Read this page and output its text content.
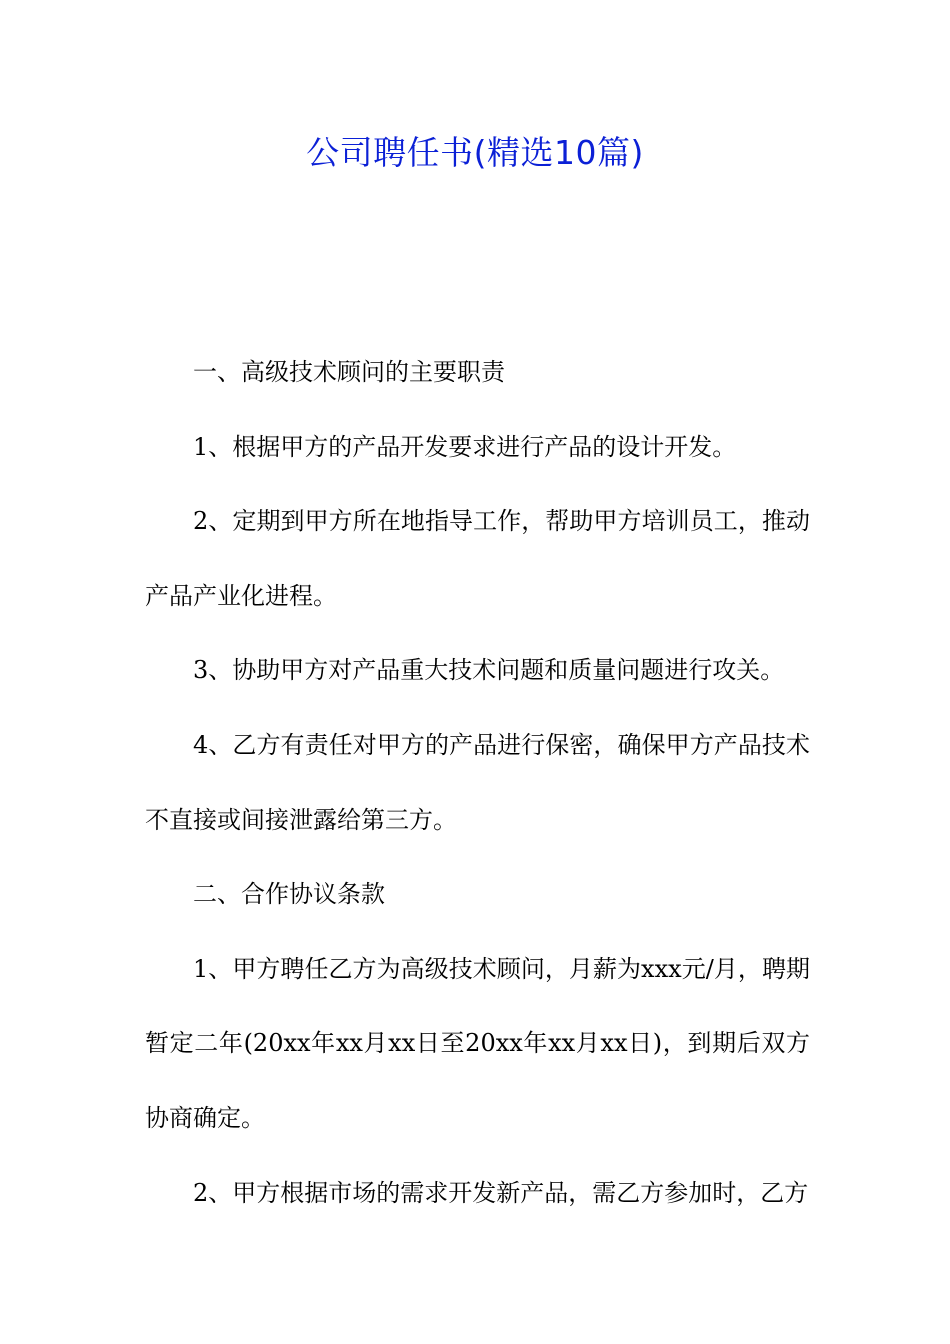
公司聘任书(精选10篇)

一、高级技术顾问的主要职责

1、根据甲方的产品开发要求进行产品的设计开发。

2、定期到甲方所在地指导工作，帮助甲方培训员工，推动产品产业化进程。

3、协助甲方对产品重大技术问题和质量问题进行攻关。

4、乙方有责任对甲方的产品进行保密，确保甲方产品技术不直接或间接泄露给第三方。

二、合作协议条款

1、甲方聘任乙方为高级技术顾问，月薪为xxx元/月，聘期暂定二年(20xx年xx月xx日至20xx年xx月xx日)，到期后双方协商确定。

2、甲方根据市场的需求开发新产品，需乙方参加时，乙方
